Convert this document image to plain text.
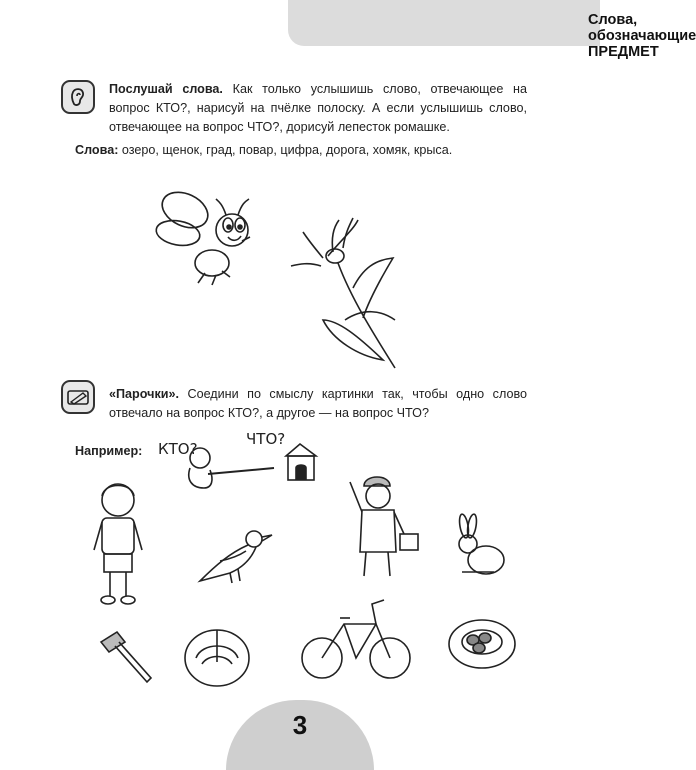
Слова, обозначающие ПРЕДМЕТ
Послушай слова. Как только услышишь слово, отвечающее на вопрос КТО?, нарисуй на пчёлке полоску. А если услышишь слово, отвечающее на вопрос ЧТО?, дорисуй лепесток ромашке.
Слова: озеро, щенок, град, повар, цифра, дорога, хомяк, крыса.
«Парочки». Соедини по смыслу картинки так, чтобы одно слово отвечало на вопрос КТО?, а другое — на вопрос ЧТО?
Например: КТО?
ЧТО?
3
